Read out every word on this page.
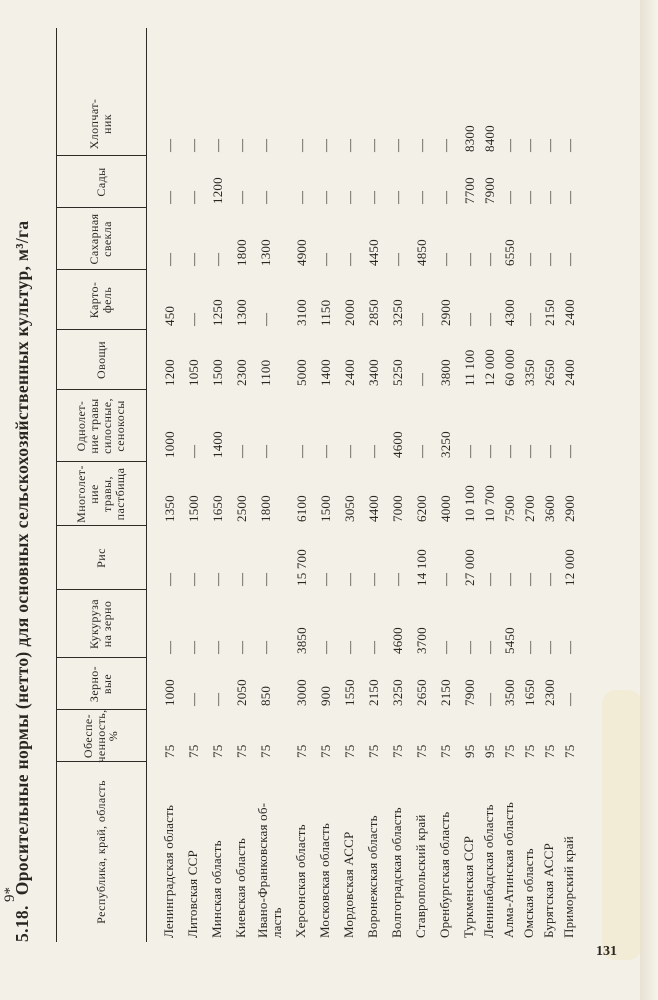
5.18.Оросительные нормы (нетто) для основных сельскохозяйственных культур, м³/га	Республика, край, область
Обеспе-
ченность,
%
Зерно-
вые
Кукуруза
на зерно
Рис
Многолет-
ние травы,
пастбища
Однолет-
ние травы
силосные,
сенокосы
Овощи
Карто-
фель
Сахарная
свекла
Сады
Хлопчат-
ник
Ленинградская область
75
1000
—
—
1350
1000
1200
450
—
—
—
Литовская ССР
75
—
—
—
1500
—
1050
—
—
—
—
Минская область
75
—
—
—
1650
1400
1500
1250
—
1200
—
Киевская область
75
2050
—
—
2500
—
2300
1300
1800
—
—
Ивано-Франковская об-
ласть
75
850
—
—
1800
—
1100
—
1300
—
—
Херсонская область
75
3000
3850
15 700
6100
—
5000
3100
4900
—
—
Московская область
75
900
—
—
1500
—
1400
1150
—
—
—
Мордовская АССР
75
1550
—
—
3050
—
2400
2000
—
—
—
Воронежская область
75
2150
—
—
4400
—
3400
2850
4450
—
—
Волгоградская область
75
3250
4600
—
7000
4600
5250
3250
—
—
—
Ставропольский край
75
2650
3700
14 100
6200
—
—
—
4850
—
—
Оренбургская область
75
2150
—
—
4000
3250
3800
2900
—
—
—
Туркменская ССР
95
7900
—
27 000
10 100
—
11 100
—
—
7700
8300
Ленинабадская область
95
—
—
—
10 700
—
12 000
—
—
7900
8400
Алма-Атинская область
75
3500
5450
—
7500
—
60 000
4300
6550
—
—
Омская область
75
1650
—
—
2700
—
3350
—
—
—
—
Бурятская АССР
75
2300
—
—
3600
—
2650
2150
—
—
—
Приморский край
75
—
—
12 000
2900
—
2400
2400
—
—
—
9*
131
